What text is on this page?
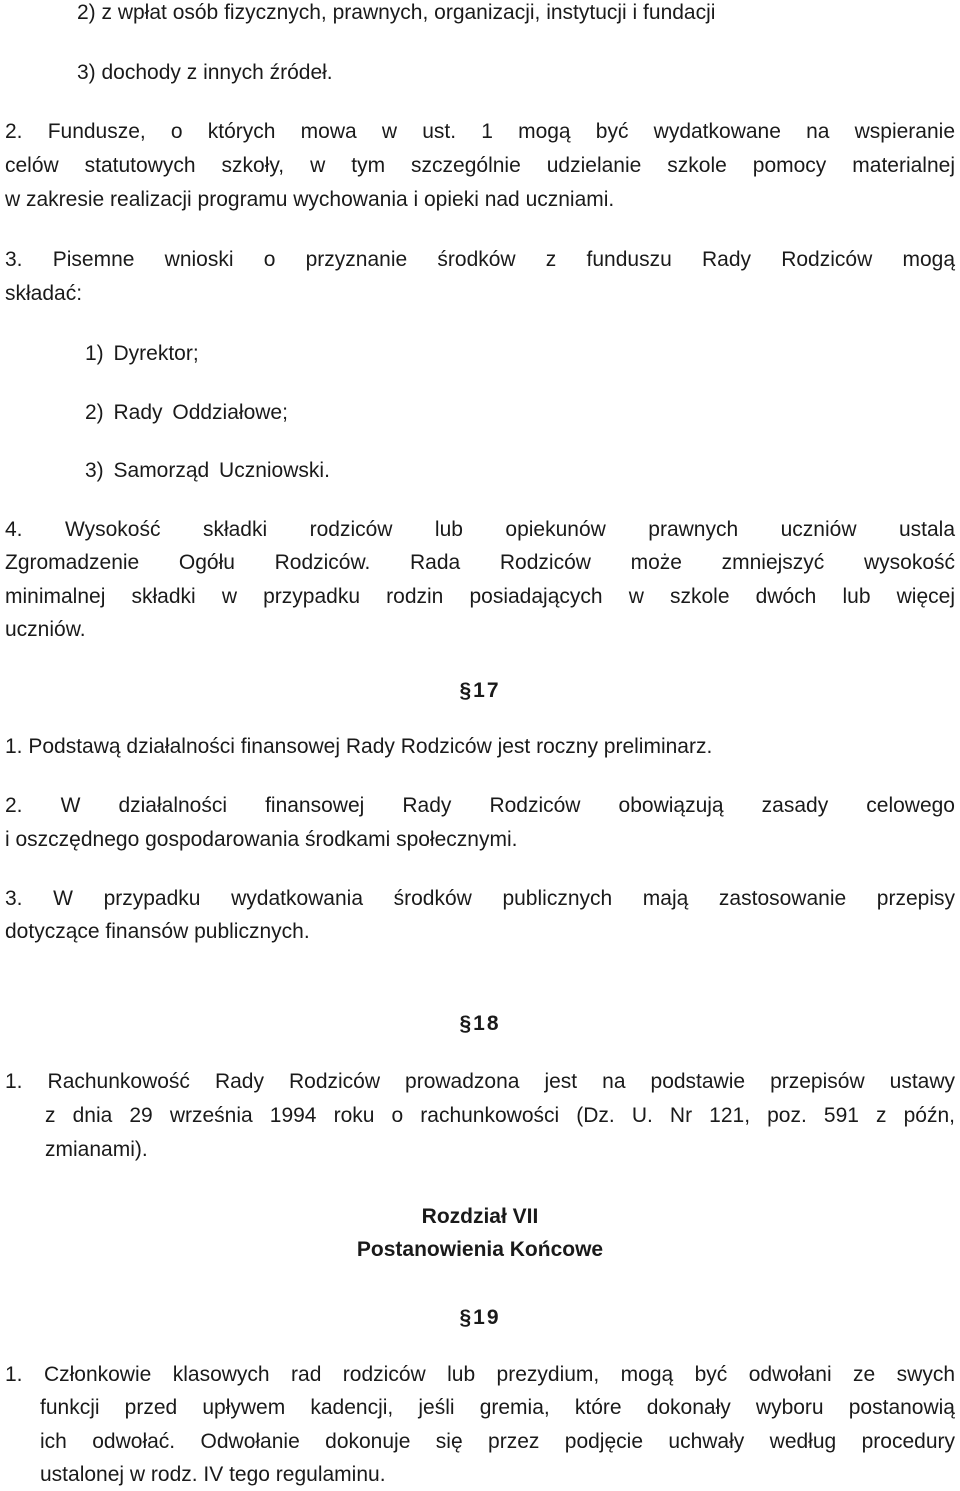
2) z wpłat osób fizycznych, prawnych, organizacji, instytucji i fundacji
3) dochody z innych źródeł.
2. Fundusze, o których mowa w ust. 1 mogą być wydatkowane na wspieranie
celów statutowych szkoły, w tym szczególnie udzielanie szkole pomocy materialnej
w zakresie realizacji programu wychowania i opieki nad uczniami.
3. Pisemne wnioski o przyznanie środków z funduszu Rady Rodziców mogą
składać:
1) Dyrektor;
2) Rady Oddziałowe;
3) Samorząd Uczniowski.
4. Wysokość składki rodziców lub opiekunów prawnych uczniów ustala
Zgromadzenie Ogółu Rodziców. Rada Rodziców może zmniejszyć wysokość
minimalnej składki w przypadku rodzin posiadających w szkole dwóch lub więcej
uczniów.
§17
1. Podstawą działalności finansowej Rady Rodziców jest roczny preliminarz.
2. W działalności finansowej Rady Rodziców obowiązują zasady celowego
i oszczędnego gospodarowania środkami społecznymi.
3. W przypadku wydatkowania środków publicznych mają zastosowanie przepisy
dotyczące finansów publicznych.
§18
1. Rachunkowość Rady Rodziców prowadzona jest na podstawie przepisów ustawy
z dnia 29 września 1994 roku o rachunkowości (Dz. U. Nr 121, poz. 591 z późn,
zmianami).
Rozdział VII
Postanowienia Końcowe
§19
1. Członkowie klasowych rad rodziców lub prezydium, mogą być odwołani ze swych
funkcji przed upływem kadencji, jeśli gremia, które dokonały wyboru postanowią
ich odwołać. Odwołanie dokonuje się przez podjęcie uchwały według procedury
ustalonej w rodz. IV tego regulaminu.
